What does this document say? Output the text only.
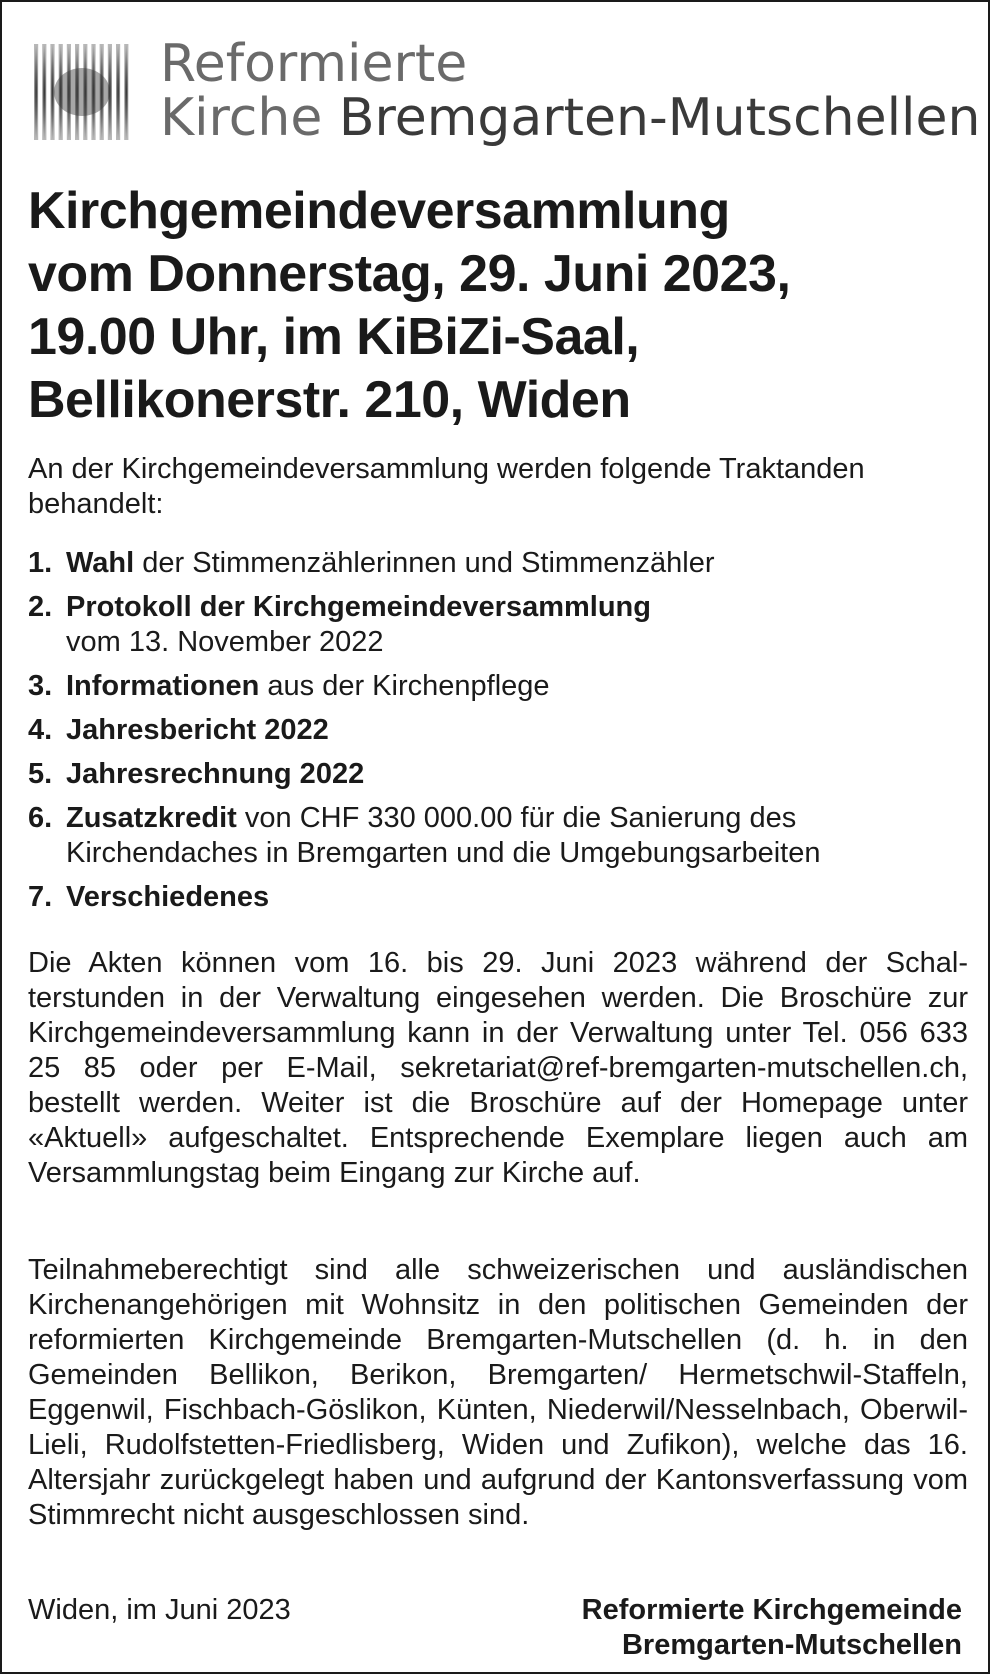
Reformierte
Kirche Bremgarten-Mutschellen
Kirchgemeindeversammlung
vom Donnerstag, 29. Juni 2023,
19.00 Uhr, im KiBiZi-Saal,
Bellikonerstr. 210, Widen
An der Kirchgemeindeversammlung werden folgende Traktanden behandelt:
1. Wahl der Stimmenzählerinnen und Stimmenzähler
2. Protokoll der Kirchgemeindeversammlung
vom 13. November 2022
3. Informationen aus der Kirchenpflege
4. Jahresbericht 2022
5. Jahresrechnung 2022
6. Zusatzkredit von CHF 330 000.00 für die Sanierung des Kirchendaches in Bremgarten und die Umgebungsarbeiten
7. Verschiedenes
Die Akten können vom 16. bis 29. Juni 2023 während der Schalterstunden in der Verwaltung eingesehen werden. Die Broschüre zur Kirchgemeindeversammlung kann in der Verwaltung unter Tel. 056 633 25 85 oder per E-Mail, sekretariat@ref-bremgarten-mutschellen.ch, bestellt werden. Weiter ist die Broschüre auf der Homepage unter «Aktuell» aufgeschaltet. Entsprechende Exemplare liegen auch am Versammlungstag beim Eingang zur Kirche auf.
Teilnahmeberechtigt sind alle schweizerischen und ausländischen Kirchenangehörigen mit Wohnsitz in den politischen Gemeinden der reformierten Kirchgemeinde Bremgarten-Mutschellen (d. h. in den Gemeinden Bellikon, Berikon, Bremgarten/ Hermetschwil-Staffeln, Eggenwil, Fischbach-Göslikon, Künten, Niederwil/Nesselnbach, Oberwil-Lieli, Rudolfstetten-Friedlisberg, Widen und Zufikon), welche das 16. Altersjahr zurückgelegt haben und aufgrund der Kantonsverfassung vom Stimmrecht nicht ausgeschlossen sind.
Widen, im Juni 2023	Reformierte Kirchgemeinde
Bremgarten-Mutschellen
